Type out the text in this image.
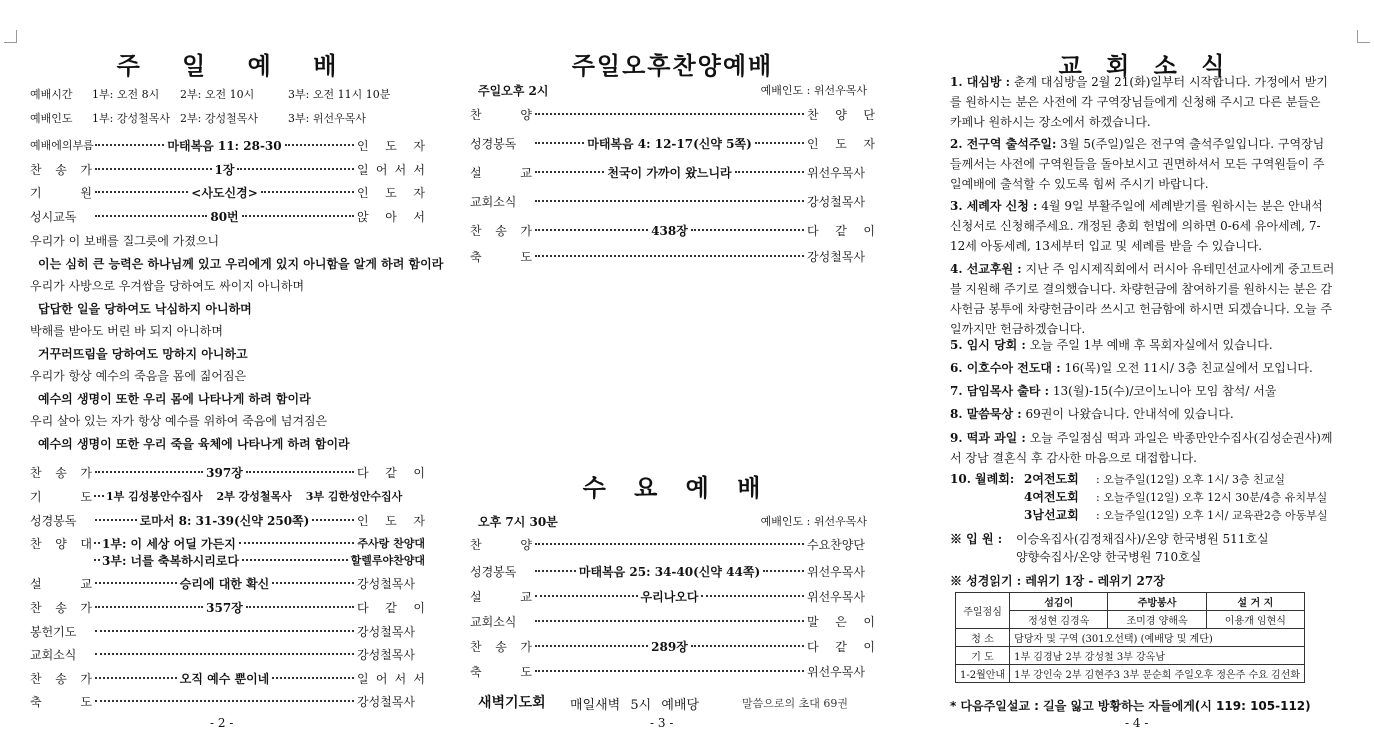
주 일 예 배
예배시간 1부: 오전 8시 2부: 오전 10시	3부: 오전 11시 10분
예배인도 1부: 강성철목사 2부: 강성철목사	3부: 위선우목사
예배에의부름	마태복음 11: 28-30	인 도 자
찬 송 가	1장	일 어 서 서
기 원	<사도신경>	인 도 자
성시교독	80번	앉 아 서
우리가 이 보배를 질그릇에 가졌으니
이는 심히 큰 능력은 하나님께 있고 우리에게 있지 아니함을 알게 하려 함이라
우리가 사방으로 우겨쌈을 당하여도 싸이지 아니하며
답답한 일을 당하여도 낙심하지 아니하며
박해를 받아도 버린 바 되지 아니하며
거꾸러뜨림을 당하여도 망하지 아니하고
우리가 항상 예수의 죽음을 몸에 짊어짐은
예수의 생명이 또한 우리 몸에 나타나게 하려 함이라
우리 살아 있는 자가 항상 예수를 위하여 죽음에 넘겨짐은
예수의 생명이 또한 우리 죽을 육체에 나타나게 하려 함이라
찬 송 가	397장	다 같 이
기 도 1부 김성봉안수집사 2부 강성철목사 3부 김한성안수집사
성경봉독	로마서 8: 31-39(신약 250쪽)	인 도 자
찬 양 대 1부: 이 세상 어딜 가든지	주사랑 찬양대
3부: 너를 축복하시리로다	할렐루야찬양대
설 교	승리에 대한 확신	강성철목사
찬 송 가	357장	다 같 이
봉헌기도	강성철목사
교회소식	강성철목사
찬 송 가	오직 예수 뿐이네	일 어 서 서
축 도	강성철목사
- 2 -
주일오후찬양예배
주일오후 2시	예배인도 : 위선우목사
찬 양	찬 양 단
성경봉독	마태복음 4: 12-17(신약 5쪽)	인 도 자
설 교	천국이 가까이 왔느니라	위선우목사
교회소식	강성철목사
찬 송 가	438장	다 같 이
축 도	강성철목사
수 요 예 배
오후 7시 30분	예배인도 : 위선우목사
찬 양	수요찬양단
성경봉독	마태복음 25: 34-40(신약 44쪽)	위선우목사
설 교	우리나오다	위선우목사
교회소식	말 은 이
찬 송 가	289장	다 같 이
축 도	위선우목사
새벽기도회 매일새벽 5시 예배당	말씀으로의 초대 69권
- 3 -
교 회 소 식
1. 대심방 : 춘계 대심방을 2월 21(화)일부터 시작합니다. 가정에서 받기를 원하시는 분은 사전에 각 구역장님들에게 신청해 주시고 다른 분들은 카페나 원하시는 장소에서 하겠습니다.
2. 전구역 출석주일: 3월 5(주일)일은 전구역 출석주일입니다. 구역장님들께서는 사전에 구역원들을 돌아보시고 권면하셔서 모든 구역원들이 주일예배에 출석할 수 있도록 힘써 주시기 바랍니다.
3. 세례자 신청 : 4월 9일 부활주일에 세례받기를 원하시는 분은 안내석 신청서로 신청해주세요. 개정된 총회 헌법에 의하면 0-6세 유아세례, 7-12세 아동세례, 13세부터 입교 및 세례를 받을 수 있습니다.
4. 선교후원 : 지난 주 임시제직회에서 러시아 유테민선교사에게 중고트러블 지원해 주기로 결의했습니다. 차량헌금에 참여하기를 원하시는 분은 감사헌금 봉투에 차량헌금이라 쓰시고 헌금함에 하시면 되겠습니다. 오늘 주일까지만 헌금하겠습니다.
5. 임시 당회 : 오늘 주일 1부 예배 후 목회자실에서 있습니다.
6. 이호수아 전도대 : 16(목)일 오전 11시/ 3층 친교실에서 모입니다.
7. 담임목사 출타 : 13(월)-15(수)/코이노니아 모임 참석/ 서울
8. 말씀묵상 : 69권이 나왔습니다. 안내석에 있습니다.
9. 떡과 과일 : 오늘 주일점심 떡과 과일은 박종만안수집사(김성순권사)께서 장남 결혼식 후 감사한 마음으로 대접합니다.
10. 월례회: 2여전도회 : 오늘주일(12일) 오후 1시/ 3층 친교실
4여전도회 : 오늘주일(12일) 오후 12시 30분/4층 유치부실
3남선교회 : 오늘주일(12일) 오후 1시/ 교육관2층 아동부실
※ 입 원 : 이승옥집사(김정채집사)/온양 한국병원 511호실
양향숙집사/온양 한국병원 710호실
※ 성경읽기 : 레위기 1장 - 레위기 27장
주일점심	섬김이	주방봉사	설 거 지
	정성현 김경옥	조미경 양해옥	이용개 임현식
청 소	담당자 및 구역 (301오선택) (예배당 및 계단)		
기 도	1부 김경남 2부 강성철 3부 강옥남		
1-2월안내	1부 강인숙 2부 김현주3 3부 문순희 주일오후 정은주 수요 김선화		
* 다음주일설교 : 길을 잃고 방황하는 자들에게(시 119: 105-112)
- 4 -
